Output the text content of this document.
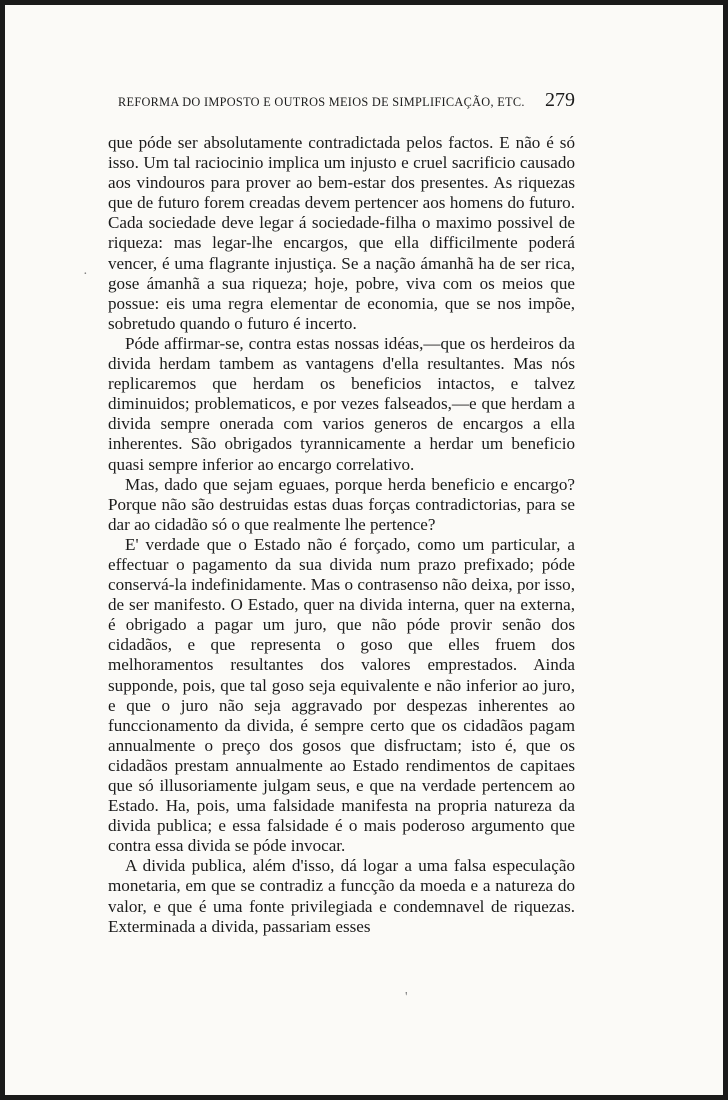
REFORMA DO IMPOSTO E OUTROS MEIOS DE SIMPLIFICAÇÃO, ETC. 279

que póde ser absolutamente contradictada pelos factos. E não é só isso. Um tal raciocinio implica um injusto e cruel sacrificio causado aos vindouros para prover ao bem-estar dos presentes. As riquezas que de futuro forem creadas devem pertencer aos homens do futuro. Cada sociedade deve legar á sociedade-filha o maximo possivel de riqueza: mas legar-lhe encargos, que ella difficilmente poderá vencer, é uma flagrante injustiça. Se a nação ámanhã ha de ser rica, gose ámanhã a sua riqueza; hoje, pobre, viva com os meios que possue: eis uma regra elementar de economia, que se nos impõe, sobretudo quando o futuro é incerto.

Póde affirmar-se, contra estas nossas idéas,—que os herdeiros da divida herdam tambem as vantagens d'ella resultantes. Mas nós replicaremos que herdam os beneficios intactos, e talvez diminuidos; problematicos, e por vezes falseados,—e que herdam a divida sempre onerada com varios generos de encargos a ella inherentes. São obrigados tyrannicamente a herdar um beneficio quasi sempre inferior ao encargo correlativo.

Mas, dado que sejam eguaes, porque herda beneficio e encargo? Porque não são destruidas estas duas forças contradictorias, para se dar ao cidadão só o que realmente lhe pertence?

E' verdade que o Estado não é forçado, como um particular, a effectuar o pagamento da sua divida num prazo prefixado; póde conservá-la indefinidamente. Mas o contrasenso não deixa, por isso, de ser manifesto. O Estado, quer na divida interna, quer na externa, é obrigado a pagar um juro, que não póde provir senão dos cidadãos, e que representa o goso que elles fruem dos melhoramentos resultantes dos valores emprestados. Ainda supponde, pois, que tal goso seja equivalente e não inferior ao juro, e que o juro não seja aggravado por despezas inherentes ao funccionamento da divida, é sempre certo que os cidadãos pagam annualmente o preço dos gosos que disfructam; isto é, que os cidadãos prestam annualmente ao Estado rendimentos de capitaes que só illusoriamente julgam seus, e que na verdade pertencem ao Estado. Ha, pois, uma falsidade manifesta na propria natureza da divida publica; e essa falsidade é o mais poderoso argumento que contra essa divida se póde invocar.

A divida publica, além d'isso, dá logar a uma falsa especulação monetaria, em que se contradiz a funcção da moeda e a natureza do valor, e que é uma fonte privilegiada e condemnavel de riquezas. Exterminada a divida, passariam esses

·
'
